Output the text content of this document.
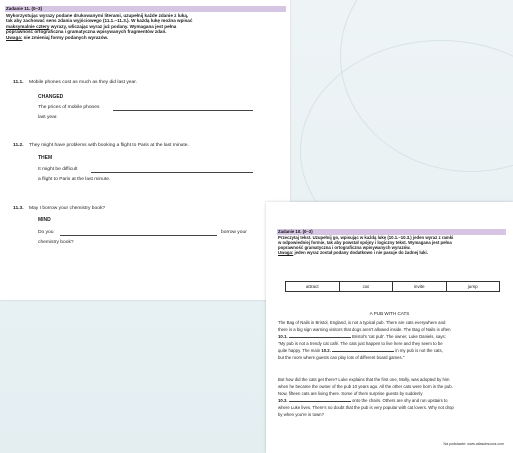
Zadanie 11. (0–3)
Wykorzystując wyrazy podane drukowanymi literami, uzupełnij każde zdanie z luką,
tak aby zachować sens zdania wyjściowego (11.1.–11.3.). W każdą lukę można wpisać
maksymalnie cztery wyrazy, wliczając wyraz już podany. Wymagana jest pełna
poprawność ortograficzna i gramatyczna wpisywanych fragmentów zdań.
Uwaga: nie zmieniaj formy podanych wyrazów.
11.1. Mobile phones cost as much as they did last year.
CHANGED
The prices of mobile phones
last year.
11.2. They might have problems with booking a flight to Paris at the last minute.
THEM
It might be difficult
a flight to Paris at the last minute.
11.3. May I borrow your chemistry book?
MIND
Do you	borrow your
chemistry book?
Zadanie 10. (0–3)
Przeczytaj tekst. Uzupełnij go, wpisując w każdą lukę (10.1.–10.3.) jeden wyraz z ramki
w odpowiedniej formie, tak aby powstał spójny i logiczny tekst. Wymagana jest pełna
poprawność gramatyczna i ortograficzna wpisywanych wyrazów.
Uwaga: jeden wyraz został podany dodatkowo i nie pasuje do żadnej luki.
attract	cat	invite	jump
A PUB WITH CATS
The Bag of Nails in Bristol, England, is not a typical pub. There are cats everywhere and
there is a big sign warning visitors that dogs aren't allowed inside. The Bag of Nails is often
10.1.	Bristol's 'cat pub'. The owner, Luke Daniels, says:
"My pub is not a trendy cat café. The cats just happen to live here and they seem to be
quite happy. The main 10.2.	in my pub is not the cats,
but the room where guests can play lots of different board games."
But how did the cats get there? Luke explains that the first one, Molly, was adopted by him
when he became the owner of the pub 10 years ago. All the other cats were born in the pub.
Now, fifteen cats are living there. Some of them surprise guests by suddenly
10.3.	onto the chairs. Others are shy and run upstairs to
where Luke lives. There's no doubt that the pub is very popular with cat lovers. Why not drop
by when you're in town?
Na podstawie: www.atlasobscura.com
